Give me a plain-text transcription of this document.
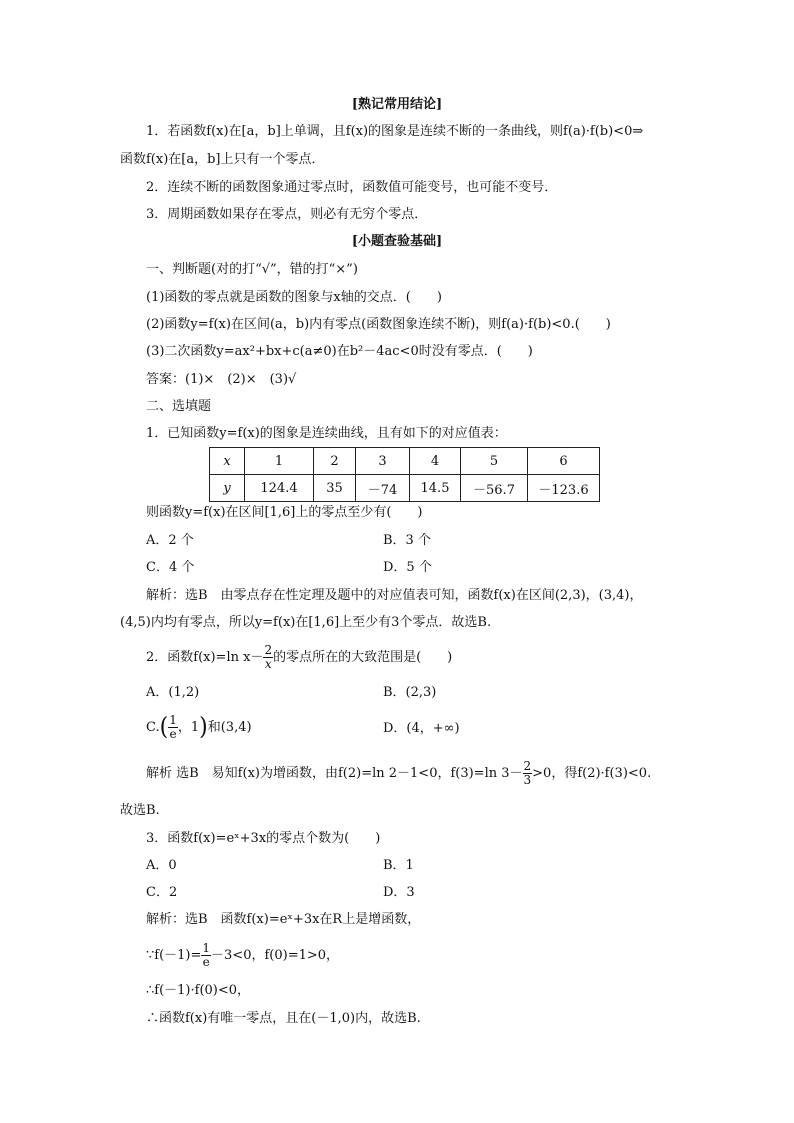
[熟记常用结论]
1．若函数f(x)在[a，b]上单调，且f(x)的图象是连续不断的一条曲线，则f(a)·f(b)<0⇒
函数f(x)在[a，b]上只有一个零点．
2．连续不断的函数图象通过零点时，函数值可能变号，也可能不变号．
3．周期函数如果存在零点，则必有无穷个零点．
[小题查验基础]
一、判断题(对的打“√”，错的打“×”)
(1)函数的零点就是函数的图象与x轴的交点．(　　)
(2)函数y=f(x)在区间(a，b)内有零点(函数图象连续不断)，则f(a)·f(b)<0.(　　)
(3)二次函数y=ax²+bx+c(a≠0)在b²－4ac<0时没有零点．(　　)
答案：(1)×　(2)×　(3)√
二、选填题
1．已知函数y=f(x)的图象是连续曲线，且有如下的对应值表：
x	1	2	3	4	5	6
y	124.4	35	－74	14.5	－56.7	－123.6
则函数y=f(x)在区间[1,6]上的零点至少有(　　)
A．2 个	B．3 个
C．4 个	D．5 个
解析：选B　由零点存在性定理及题中的对应值表可知，函数f(x)在区间(2,3)，(3,4)，
(4,5)内均有零点，所以y=f(x)在[1,6]上至少有3个零点．故选B.
2．函数f(x)=ln $x- \frac{2}{x}$ 的零点所在的大致范围是(　　)
A．(1,2)	B．(2,3)
$C.( \frac{1}{e}$ ，1)和(3,4)	D．(4，+∞)
解析 选B　易知f(x)为增函数，由f(2)=ln 2－1<0，f(3)=ln $3- \frac{2}{3} >0$，得f(2)·f(3)<0.
故选B.
3．函数f(x)=eˣ+3x的零点个数为(　　)
A．0	B．1
C．2	D．3
解析：选B　函数f(x)=eˣ+3x在R上是增函数，
∵f(－1)= $\frac{1}{e} -3<0$，f(0)=1>0，
∴f(－1)·f(0)<0，
∴函数f(x)有唯一零点，且在(－1,0)内，故选B.
